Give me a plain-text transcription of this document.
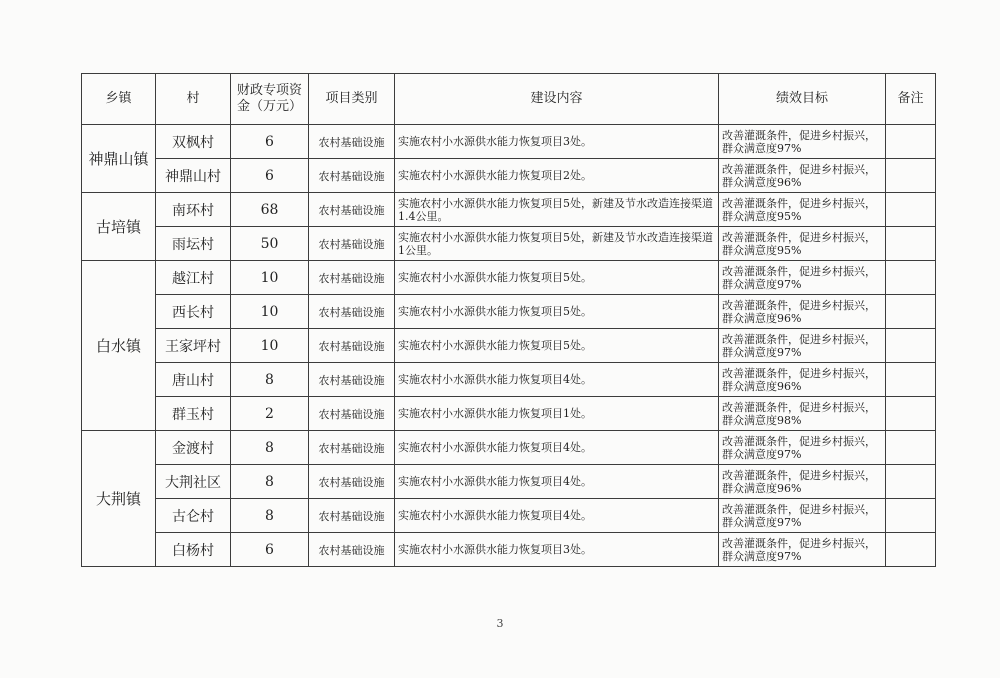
乡镇	村	财政专项资金（万元）	项目类别	建设内容	绩效目标	备注
神鼎山镇	双枫村	6	农村基础设施	实施农村小水源供水能力恢复项目3处。	改善灌溉条件，促进乡村振兴，群众满意度97%	
	神鼎山村	6	农村基础设施	实施农村小水源供水能力恢复项目2处。	改善灌溉条件，促进乡村振兴，群众满意度96%	
古培镇	南环村	68	农村基础设施	实施农村小水源供水能力恢复项目5处，新建及节水改造连接渠道1.4公里。	改善灌溉条件，促进乡村振兴，群众满意度95%	
	雨坛村	50	农村基础设施	实施农村小水源供水能力恢复项目5处，新建及节水改造连接渠道1公里。	改善灌溉条件，促进乡村振兴，群众满意度95%	
白水镇	越江村	10	农村基础设施	实施农村小水源供水能力恢复项目5处。	改善灌溉条件，促进乡村振兴，群众满意度97%	
	西长村	10	农村基础设施	实施农村小水源供水能力恢复项目5处。	改善灌溉条件，促进乡村振兴，群众满意度96%	
	王家坪村	10	农村基础设施	实施农村小水源供水能力恢复项目5处。	改善灌溉条件，促进乡村振兴，群众满意度97%	
	唐山村	8	农村基础设施	实施农村小水源供水能力恢复项目4处。	改善灌溉条件，促进乡村振兴，群众满意度96%	
	群玉村	2	农村基础设施	实施农村小水源供水能力恢复项目1处。	改善灌溉条件，促进乡村振兴，群众满意度98%	
大荆镇	金渡村	8	农村基础设施	实施农村小水源供水能力恢复项目4处。	改善灌溉条件，促进乡村振兴，群众满意度97%	
	大荆社区	8	农村基础设施	实施农村小水源供水能力恢复项目4处。	改善灌溉条件，促进乡村振兴，群众满意度96%	
	古仑村	8	农村基础设施	实施农村小水源供水能力恢复项目4处。	改善灌溉条件，促进乡村振兴，群众满意度97%	
	白杨村	6	农村基础设施	实施农村小水源供水能力恢复项目3处。	改善灌溉条件，促进乡村振兴，群众满意度97%	
3
